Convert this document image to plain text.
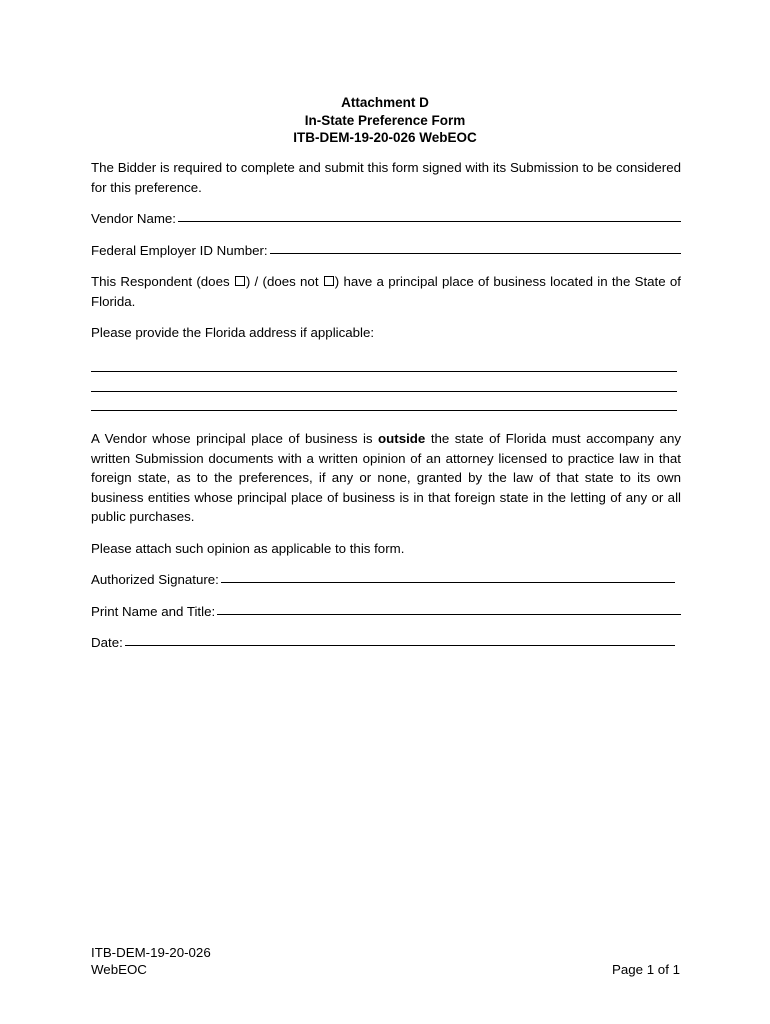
Attachment D
In-State Preference Form
ITB-DEM-19-20-026 WebEOC

The Bidder is required to complete and submit this form signed with its Submission to be considered for this preference.

Vendor Name:
Federal Employer ID Number:

This Respondent (does ) / (does not ) have a principal place of business located in the State of Florida.

Please provide the Florida address if applicable:

A Vendor whose principal place of business is outside the state of Florida must accompany any written Submission documents with a written opinion of an attorney licensed to practice law in that foreign state, as to the preferences, if any or none, granted by the law of that state to its own business entities whose principal place of business is in that foreign state in the letting of any or all public purchases.

Please attach such opinion as applicable to this form.

Authorized Signature:
Print Name and Title:
Date:
ITB-DEM-19-20-026
WebEOC	Page 1 of 1
